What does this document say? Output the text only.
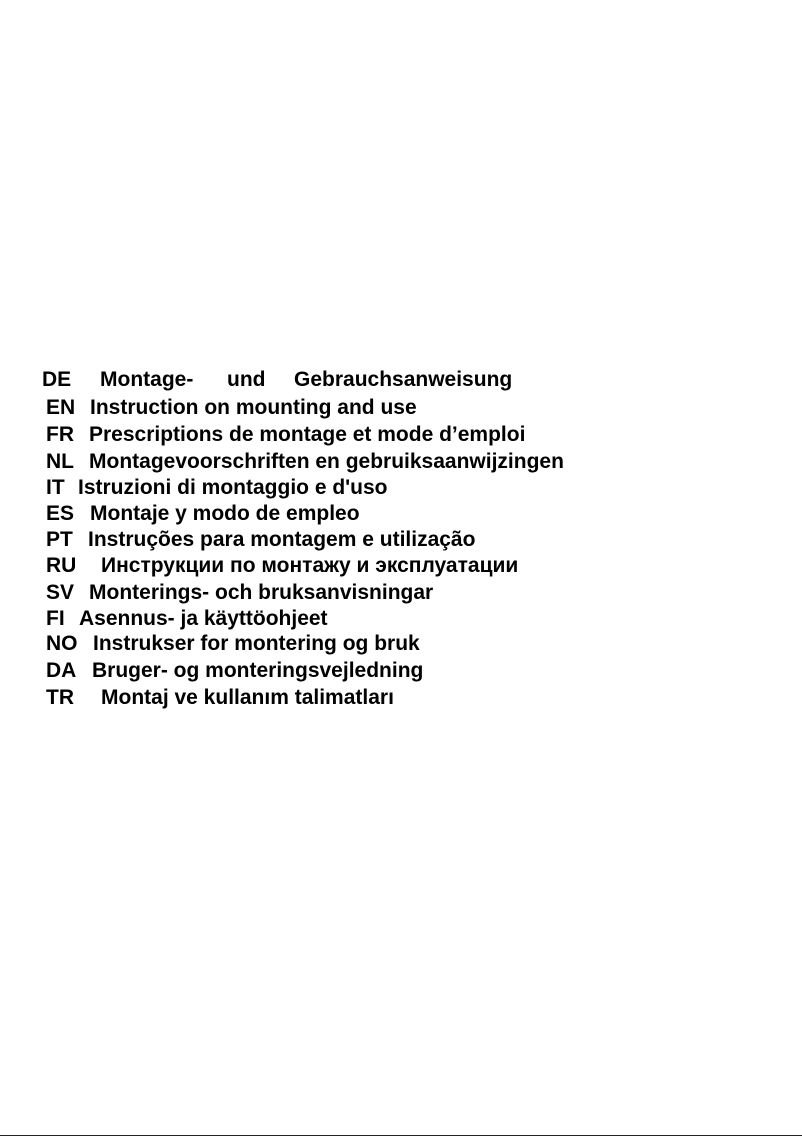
DE

Montage-

und

Gebrauchsanweisung

EN

Instruction on mounting and use

FR

Prescriptions de montage et mode d’emploi

NL

Montagevoorschriften en gebruiksaanwijzingen

IT

Istruzioni di montaggio e d'uso

ES

Montaje y modo de empleo

PT

Instruções para montagem e utilização

RU

Инструкции по монтажу и эксплуатации

SV

Monterings- och bruksanvisningar

FI

Asennus- ja käyttöohjeet

NO

Instrukser for montering og bruk

DA

Bruger- og monteringsvejledning

TR

Montaj ve kullanım talimatları
